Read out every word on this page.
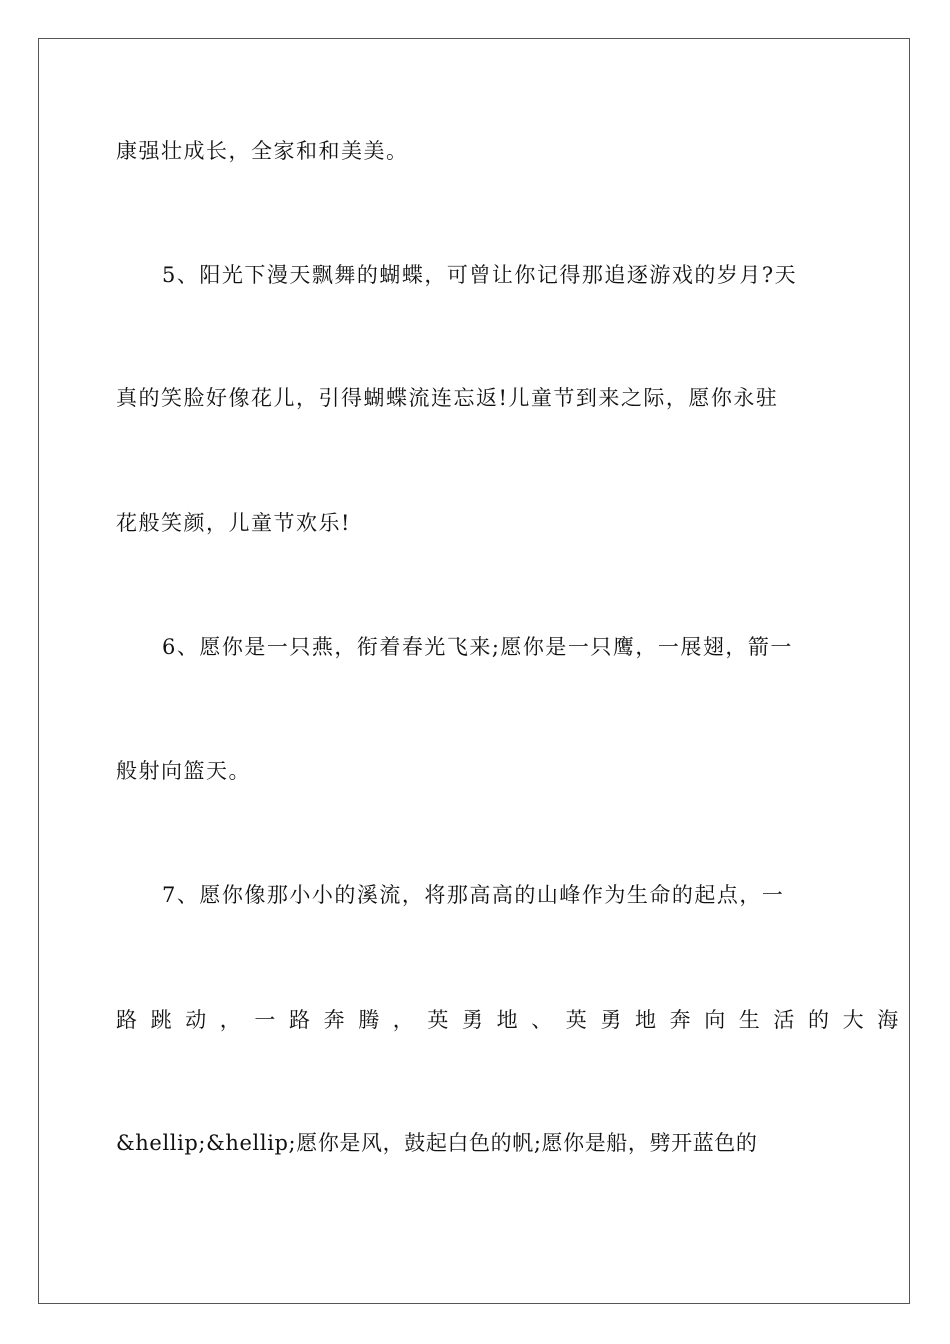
康强壮成长，全家和和美美。
5、阳光下漫天飘舞的蝴蝶，可曾让你记得那追逐游戏的岁月?天
真的笑脸好像花儿，引得蝴蝶流连忘返!儿童节到来之际，愿你永驻
花般笑颜，儿童节欢乐!
6、愿你是一只燕，衔着春光飞来;愿你是一只鹰，一展翅，箭一
般射向篮天。
7、愿你像那小小的溪流，将那高高的山峰作为生命的起点，一
路跳动，一路奔腾，英勇地、英勇地奔向生活的大海
&hellip;&hellip;愿你是风，鼓起白色的帆;愿你是船，劈开蓝色的
